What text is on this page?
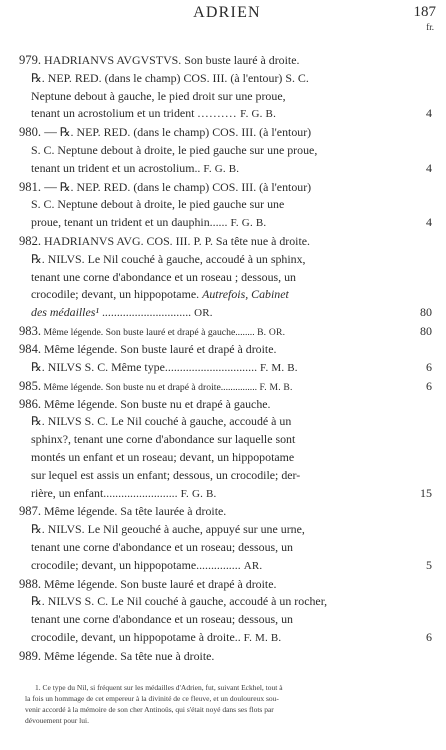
ADRIEN	187
fr.
979. HADRIANVS AVGVSTVS. Son buste lauré à droite.
℞. NEP. RED. (dans le champ) COS. III. (à l'entour) S. C.
Neptune debout à gauche, le pied droit sur une proue,
tenant un acrostolium et un trident .......... F. G. B.	4
980. — ℞. NEP. RED. (dans le champ) COS. III. (à l'entour)
S. C. Neptune debout à droite, le pied gauche sur une proue,
tenant un trident et un acrostolium.. F. G. B.	4
981. — ℞. NEP. RED. (dans le champ) COS. III. (à l'entour)
S. C. Neptune debout à droite, le pied gauche sur une
proue, tenant un trident et un dauphin...... F. G. B.	4
982. HADRIANVS AVG. COS. III. P. P. Sa tête nue à droite.
℞. NILVS. Le Nil couché à gauche, accoudé à un sphinx,
tenant une corne d'abondance et un roseau ; dessous, un
crocodile; devant, un hippopotame. Autrefois, Cabinet
des médailles¹ .............................. OR.	80
983. Même légende. Son buste lauré et drapé à gauche........ B. OR.	80
984. Même légende. Son buste lauré et drapé à droite.
℞. NILVS S. C. Même type............................... F. M. B.	6
985. Même légende. Son buste nu et drapé à droite............... F. M. B.	6
986. Même légende. Son buste nu et drapé à gauche.
℞. NILVS S. C. Le Nil couché à gauche, accoudé à un
sphinx?, tenant une corne d'abondance sur laquelle sont
montés un enfant et un roseau; devant, un hippopotame
sur lequel est assis un enfant; dessous, un crocodile; der-
rière, un enfant......................... F. G. B.	15
987. Même légende. Sa tête laurée à droite.
℞. NILVS. Le Nil geouché à auche, appuyé sur une urne,
tenant une corne d'abondance et un roseau; dessous, un
crocodile; devant, un hippopotame............... AR.	5
988. Même légende. Son buste lauré et drapé à droite.
℞. NILVS S. C. Le Nil couché à gauche, accoudé à un rocher,
tenant une corne d'abondance et un roseau; dessous, un
crocodile, devant, un hippopotame à droite.. F. M. B.	6
989. Même légende. Sa tête nue à droite.
1. Ce type du Nil, si fréquent sur les médailles d'Adrien, fut, suivant Eckhel, tout à
la fois un hommage de cet empereur à la divinité de ce fleuve, et un douloureux sou-
venir accordé à la mémoire de son cher Antinoüs, qui s'était noyé dans ses flots par
dévouement pour lui.
